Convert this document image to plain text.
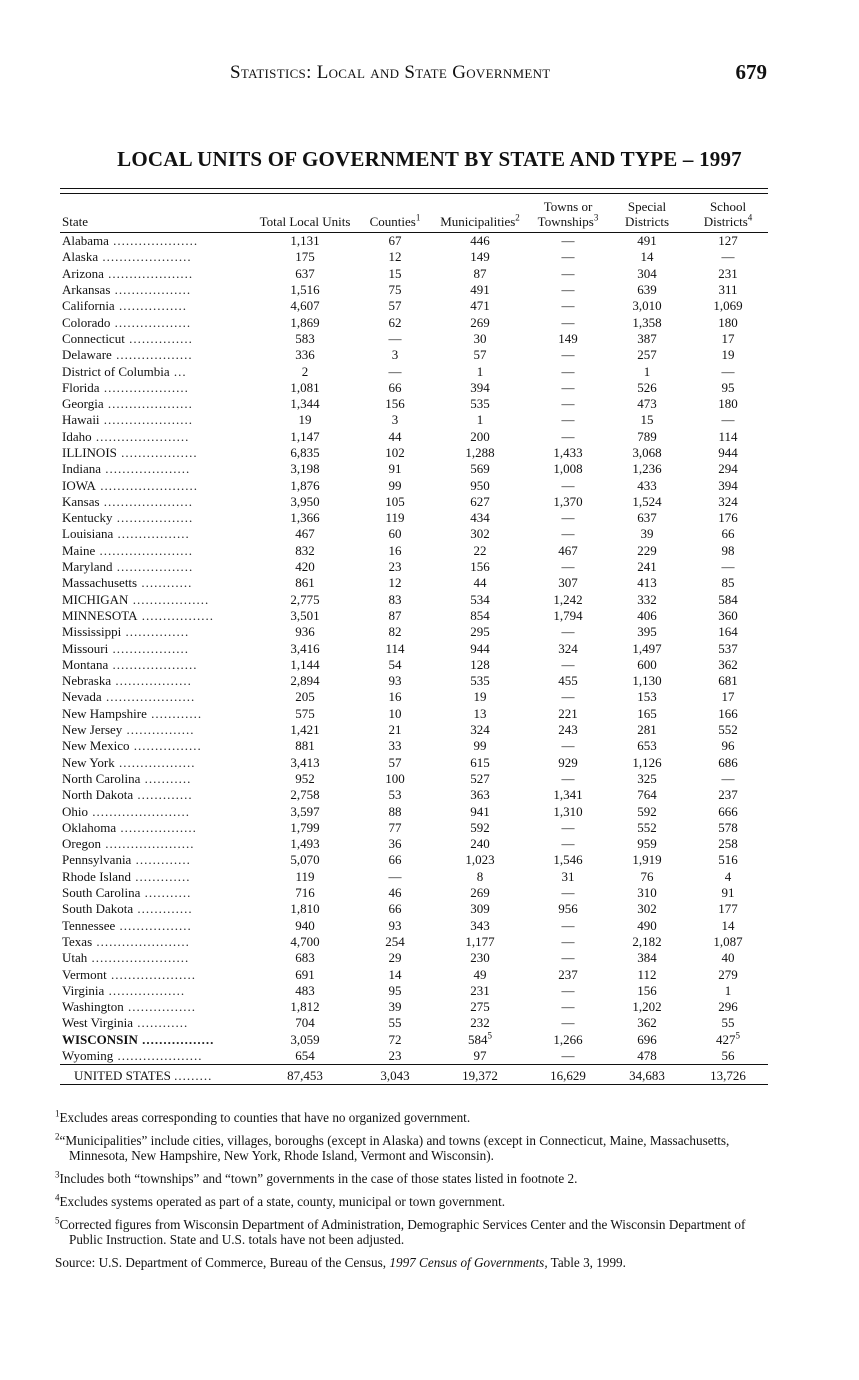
Statistics: Local and State Government	679
LOCAL UNITS OF GOVERNMENT BY STATE AND TYPE – 1997
State	Total Local Units	Counties$^1$	Municipalities$^2$	Towns or Townships$^3$	Special Districts	School Districts$^4$
Alabama ....................	1,131	67	446	—	491	127
Alaska .....................	175	12	149	—	14	—
Arizona ....................	637	15	87	—	304	231
Arkansas ..................	1,516	75	491	—	639	311
California ................	4,607	57	471	—	3,010	1,069
Colorado ..................	1,869	62	269	—	1,358	180
Connecticut ...............	583	—	30	149	387	17
Delaware ..................	336	3	57	—	257	19
District of Columbia ...	2	—	1	—	1	—
Florida ....................	1,081	66	394	—	526	95
Georgia ....................	1,344	156	535	—	473	180
Hawaii .....................	19	3	1	—	15	—
Idaho ......................	1,147	44	200	—	789	114
ILLINOIS ..................	6,835	102	1,288	1,433	3,068	944
Indiana ....................	3,198	91	569	1,008	1,236	294
IOWA .......................	1,876	99	950	—	433	394
Kansas .....................	3,950	105	627	1,370	1,524	324
Kentucky ..................	1,366	119	434	—	637	176
Louisiana .................	467	60	302	—	39	66
Maine ......................	832	16	22	467	229	98
Maryland ..................	420	23	156	—	241	—
Massachusetts ............	861	12	44	307	413	85
MICHIGAN ..................	2,775	83	534	1,242	332	584
MINNESOTA .................	3,501	87	854	1,794	406	360
Mississippi ...............	936	82	295	—	395	164
Missouri ..................	3,416	114	944	324	1,497	537
Montana ....................	1,144	54	128	—	600	362
Nebraska ..................	2,894	93	535	455	1,130	681
Nevada .....................	205	16	19	—	153	17
New Hampshire ............	575	10	13	221	165	166
New Jersey ................	1,421	21	324	243	281	552
New Mexico ................	881	33	99	—	653	96
New York ..................	3,413	57	615	929	1,126	686
North Carolina ...........	952	100	527	—	325	—
North Dakota .............	2,758	53	363	1,341	764	237
Ohio .......................	3,597	88	941	1,310	592	666
Oklahoma ..................	1,799	77	592	—	552	578
Oregon .....................	1,493	36	240	—	959	258
Pennsylvania .............	5,070	66	1,023	1,546	1,919	516
Rhode Island .............	119	—	8	31	76	4
South Carolina ...........	716	46	269	—	310	91
South Dakota .............	1,810	66	309	956	302	177
Tennessee .................	940	93	343	—	490	14
Texas ......................	4,700	254	1,177	—	2,182	1,087
Utah .......................	683	29	230	—	384	40
Vermont ....................	691	14	49	237	112	279
Virginia ..................	483	95	231	—	156	1
Washington ................	1,812	39	275	—	1,202	296
West Virginia ............	704	55	232	—	362	55
WISCONSIN .................	3,059	72	$584^5$	1,266	696	$427^5$
Wyoming ....................	654	23	97	—	478	56
UNITED STATES .........	87,453	3,043	19,372	16,629	34,683	13,726

$^1$Excludes areas corresponding to counties that have no organized government.

$^2$“Municipalities” include cities, villages, boroughs (except in Alaska) and towns (except in Connecticut, Maine, Massachusetts, Minnesota, New Hampshire, New York, Rhode Island, Vermont and Wisconsin).

$^3$Includes both “townships” and “town” governments in the case of those states listed in footnote 2.

$^4$Excludes systems operated as part of a state, county, municipal or town government.

$^5$Corrected figures from Wisconsin Department of Administration, Demographic Services Center and the Wisconsin Department of Public Instruction. State and U.S. totals have not been adjusted.

Source: U.S. Department of Commerce, Bureau of the Census, 1997 Census of Governments, Table 3, 1999.
